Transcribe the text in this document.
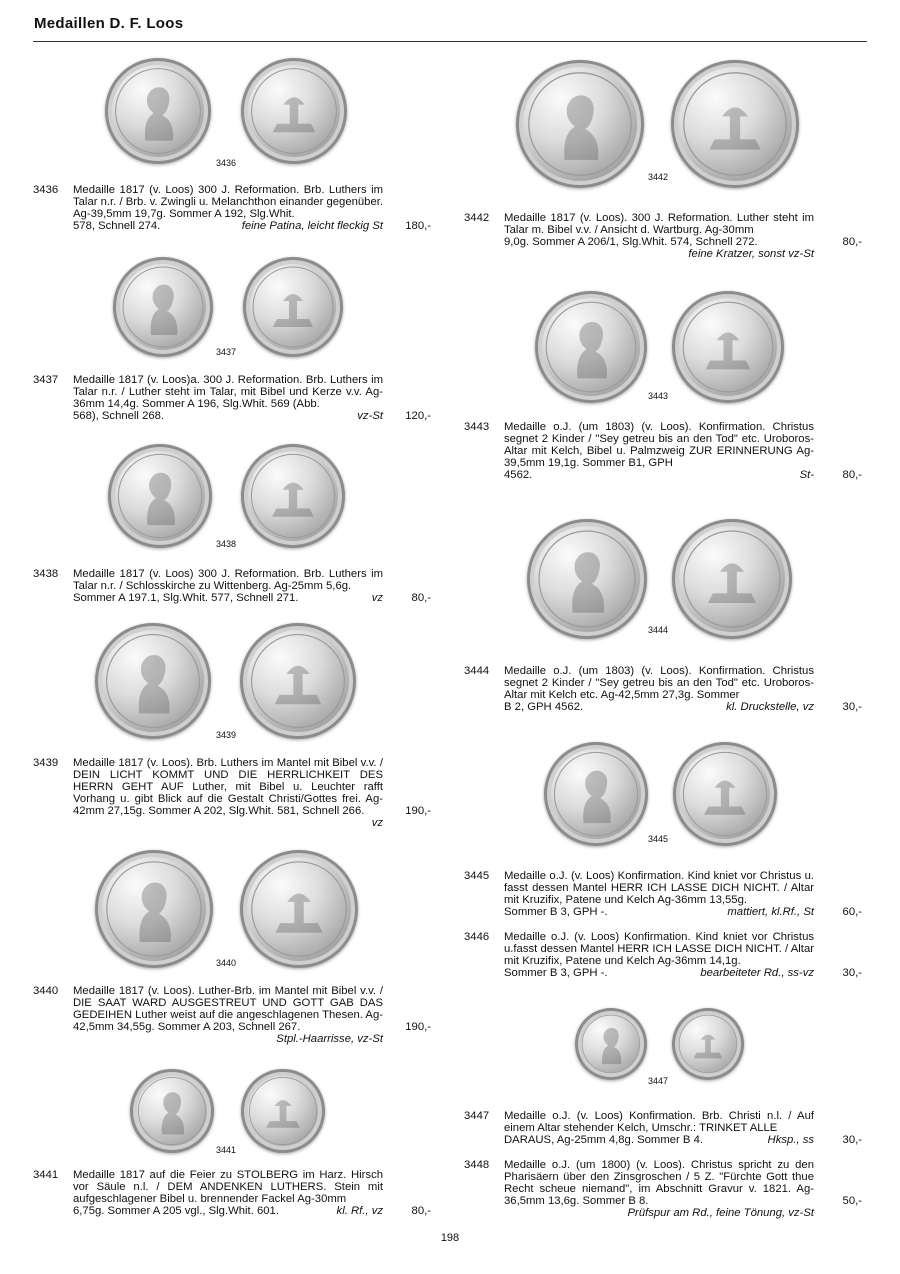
Medaillen D. F. Loos
3436
3436 Medaille 1817 (v. Loos) 300 J. Reformation. Brb. Luthers im Talar n.r. / Brb. v. Zwingli u. Melanchthon einander gegenüber. Ag-39,5mm 19,7g. Sommer A 192, Slg.Whit.
578, Schnell 274.	feine Patina, leicht fleckig St 180,-
3437
3437 Medaille 1817 (v. Loos)a. 300 J. Reformation. Brb. Luthers im Talar n.r. / Luther steht im Talar, mit Bibel und Kerze v.v. Ag-36mm 14,4g. Sommer A 196, Slg.Whit. 569 (Abb.
568), Schnell 268.	vz-St 120,-
3438
3438 Medaille 1817 (v. Loos) 300 J. Reformation. Brb. Luthers im Talar n.r. / Schlosskirche zu Wittenberg. Ag-25mm 5,6g.
Sommer A 197.1, Slg.Whit. 577, Schnell 271.	vz	80,-
3439
3439 Medaille 1817 (v. Loos). Brb. Luthers im Mantel mit Bibel v.v. / DEIN LICHT KOMMT UND DIE HERRLICHKEIT DES HERRN GEHT AUF Luther, mit Bibel u. Leuchter rafft Vorhang u. gibt Blick auf die Gestalt Christi/Gottes frei. Ag-42mm 27,15g. Sommer A 202, Slg.Whit. 581, Schnell 266.
vz
190,-
3440
3440 Medaille 1817 (v. Loos). Luther-Brb. im Mantel mit Bibel v.v. / DIE SAAT WARD AUSGESTREUT UND GOTT GAB DAS GEDEIHEN Luther weist auf die angeschlagenen Thesen. Ag-42,5mm 34,55g. Sommer A 203, Schnell 267.
Stpl.-Haarrisse, vz-St
190,-
3441
3441 Medaille 1817 auf die Feier zu STOLBERG im Harz. Hirsch vor Säule n.l. / DEM ANDENKEN LUTHERS. Stein mit aufgeschlagener Bibel u. brennender Fackel Ag-30mm
6,75g. Sommer A 205 vgl., Slg.Whit. 601.	kl. Rf., vz	80,-
3442
3442 Medaille 1817 (v. Loos). 300 J. Reformation. Luther steht im Talar m. Bibel v.v. / Ansicht d. Wartburg. Ag-30mm
9,0g. Sommer A 206/1, Slg.Whit. 574, Schnell 272.
feine Kratzer, sonst vz-St
80,-
3443
3443 Medaille o.J. (um 1803) (v. Loos). Konfirmation. Christus segnet 2 Kinder / "Sey getreu bis an den Tod" etc. Uroboros-Altar mit Kelch, Bibel u. Palmzweig ZUR ERINNERUNG Ag-39,5mm 19,1g. Sommer B1, GPH
4562.	St-	80,-
3444
3444 Medaille o.J. (um 1803) (v. Loos). Konfirmation. Christus segnet 2 Kinder / "Sey getreu bis an den Tod" etc. Uroboros-Altar mit Kelch etc. Ag-42,5mm 27,3g. Sommer
B 2, GPH 4562.	kl. Druckstelle, vz	30,-
3445
3445 Medaille o.J. (v. Loos) Konfirmation. Kind kniet vor Christus u. fasst dessen Mantel HERR ICH LASSE DICH NICHT. / Altar mit Kruzifix, Patene und Kelch Ag-36mm 13,55g.
Sommer B 3, GPH -.	mattiert, kl.Rf., St	60,-
3446 Medaille o.J. (v. Loos) Konfirmation. Kind kniet vor Christus u.fasst dessen Mantel HERR ICH LASSE DICH NICHT. / Altar mit Kruzifix, Patene und Kelch Ag-36mm 14,1g.
Sommer B 3, GPH -.	bearbeiteter Rd., ss-vz	30,-
3447
3447 Medaille o.J. (v. Loos) Konfirmation. Brb. Christi n.l. / Auf einem Altar stehender Kelch, Umschr.: TRINKET ALLE
DARAUS, Ag-25mm 4,8g. Sommer B 4.	Hksp., ss	30,-
3448 Medaille o.J. (um 1800) (v. Loos). Christus spricht zu den Pharisäern über den Zinsgroschen / 5 Z. "Fürchte Gott thue Recht scheue niemand", im Abschnitt Gravur v. 1821. Ag-36,5mm 13,6g. Sommer B 8.
Prüfspur am Rd., feine Tönung, vz-St
50,-
198
